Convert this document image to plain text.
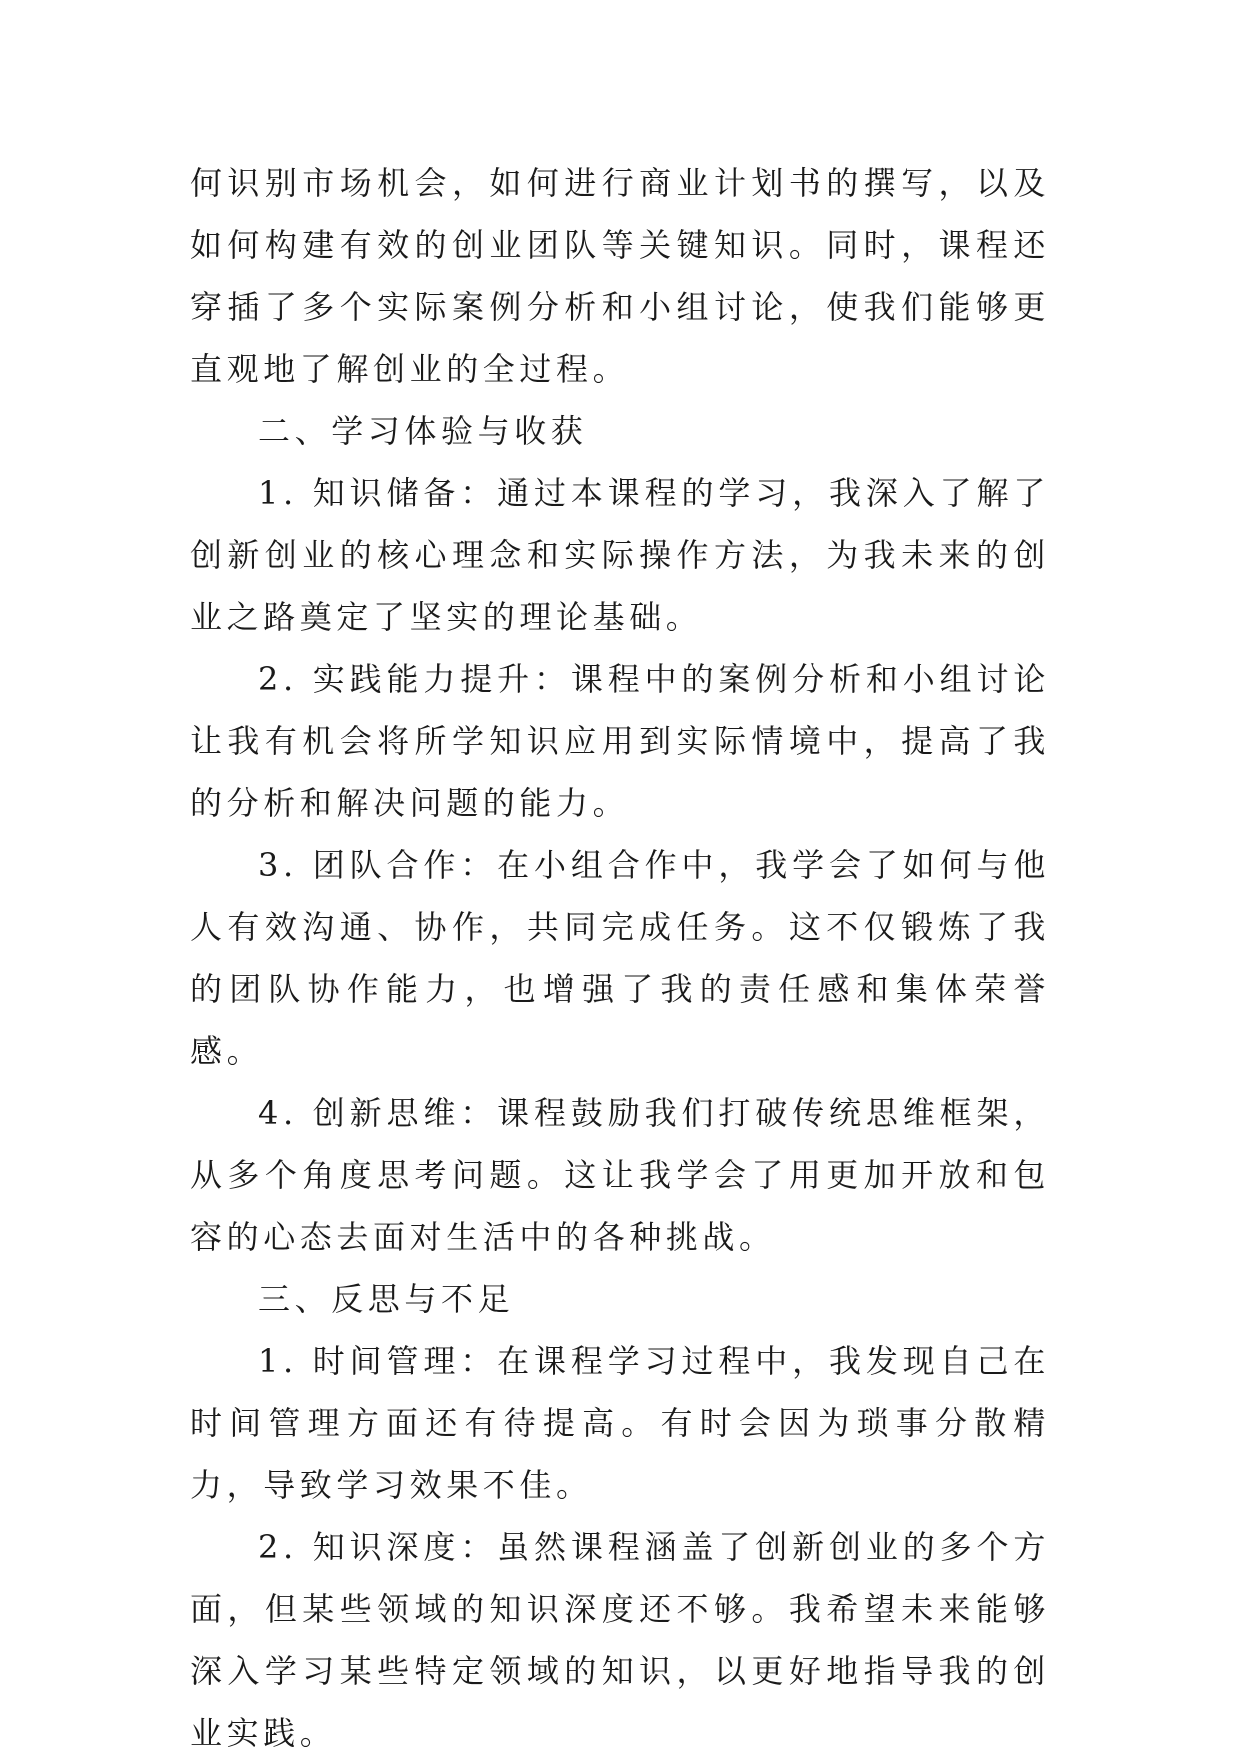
何识别市场机会，如何进行商业计划书的撰写，以及如何构建有效的创业团队等关键知识。同时，课程还穿插了多个实际案例分析和小组讨论，使我们能够更直观地了解创业的全过程。

二、学习体验与收获

1. 知识储备：通过本课程的学习，我深入了解了创新创业的核心理念和实际操作方法，为我未来的创业之路奠定了坚实的理论基础。

2. 实践能力提升：课程中的案例分析和小组讨论让我有机会将所学知识应用到实际情境中，提高了我的分析和解决问题的能力。

3. 团队合作：在小组合作中，我学会了如何与他人有效沟通、协作，共同完成任务。这不仅锻炼了我的团队协作能力，也增强了我的责任感和集体荣誉感。

4. 创新思维：课程鼓励我们打破传统思维框架，从多个角度思考问题。这让我学会了用更加开放和包容的心态去面对生活中的各种挑战。

三、反思与不足

1. 时间管理：在课程学习过程中，我发现自己在时间管理方面还有待提高。有时会因为琐事分散精力，导致学习效果不佳。

2. 知识深度：虽然课程涵盖了创新创业的多个方面，但某些领域的知识深度还不够。我希望未来能够深入学习某些特定领域的知识，以更好地指导我的创业实践。
